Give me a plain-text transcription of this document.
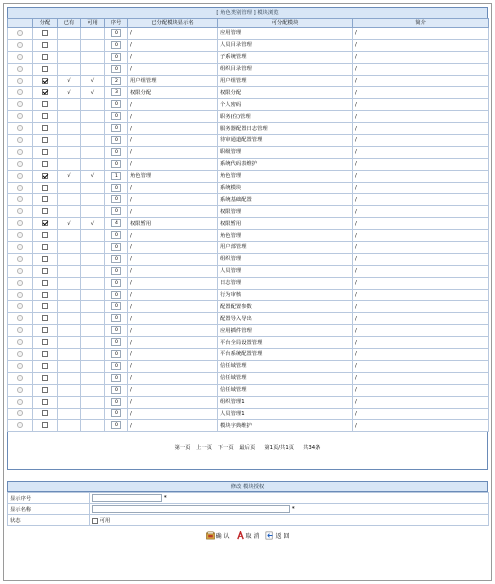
[ 角色类别管理 ] 模块浏览
	分配	已有	可用	序号	已分配模块显示名	可分配模块	简介
				0	/	应用管理	/
				0	/	人员目录管理	/
				0	/	子系统管理	/
				0	/	组织目录管理	/
		√	√	2	用户组管理	用户组管理	/
		√	√	3	权限分配	权限分配	/
				0	/	个人密码	/
				0	/	职务(位)管理	/
				0	/	服务器配置日志管理	/
				0	/	待审通道配置管理	/
				0	/	职级管理	/
				0	/	系统代码表维护	/
		√	√	1	角色管理	角色管理	/
				0	/	系统模块	/
				0	/	系统基础配置	/
				0	/	权限管理	/
		√	√	4	权限暂用	权限暂用	/
				0	/	角色管理	/
				0	/	用户部管理	/
				0	/	组织管理	/
				0	/	人员管理	/
				0	/	日志管理	/
				0	/	行为审核	/
				0	/	配置配置参数	/
				0	/	配置导入导出	/
				0	/	应用插件管理	/
				0	/	平台全局设置管理	/
				0	/	平台系统配置管理	/
				0	/	信任域管理	/
				0	/	信任域管理	/
				0	/	信任域管理	/
				0	/	组织管理1	/
				0	/	人员管理1	/
				0	/	模块字典维护	/
第一页 上一页 下一页 最后页 第1页/共1页 共34条
修改 模块授权
显示序号	*
显示名称	*
状态	可用
确 认	取 消	返 回
